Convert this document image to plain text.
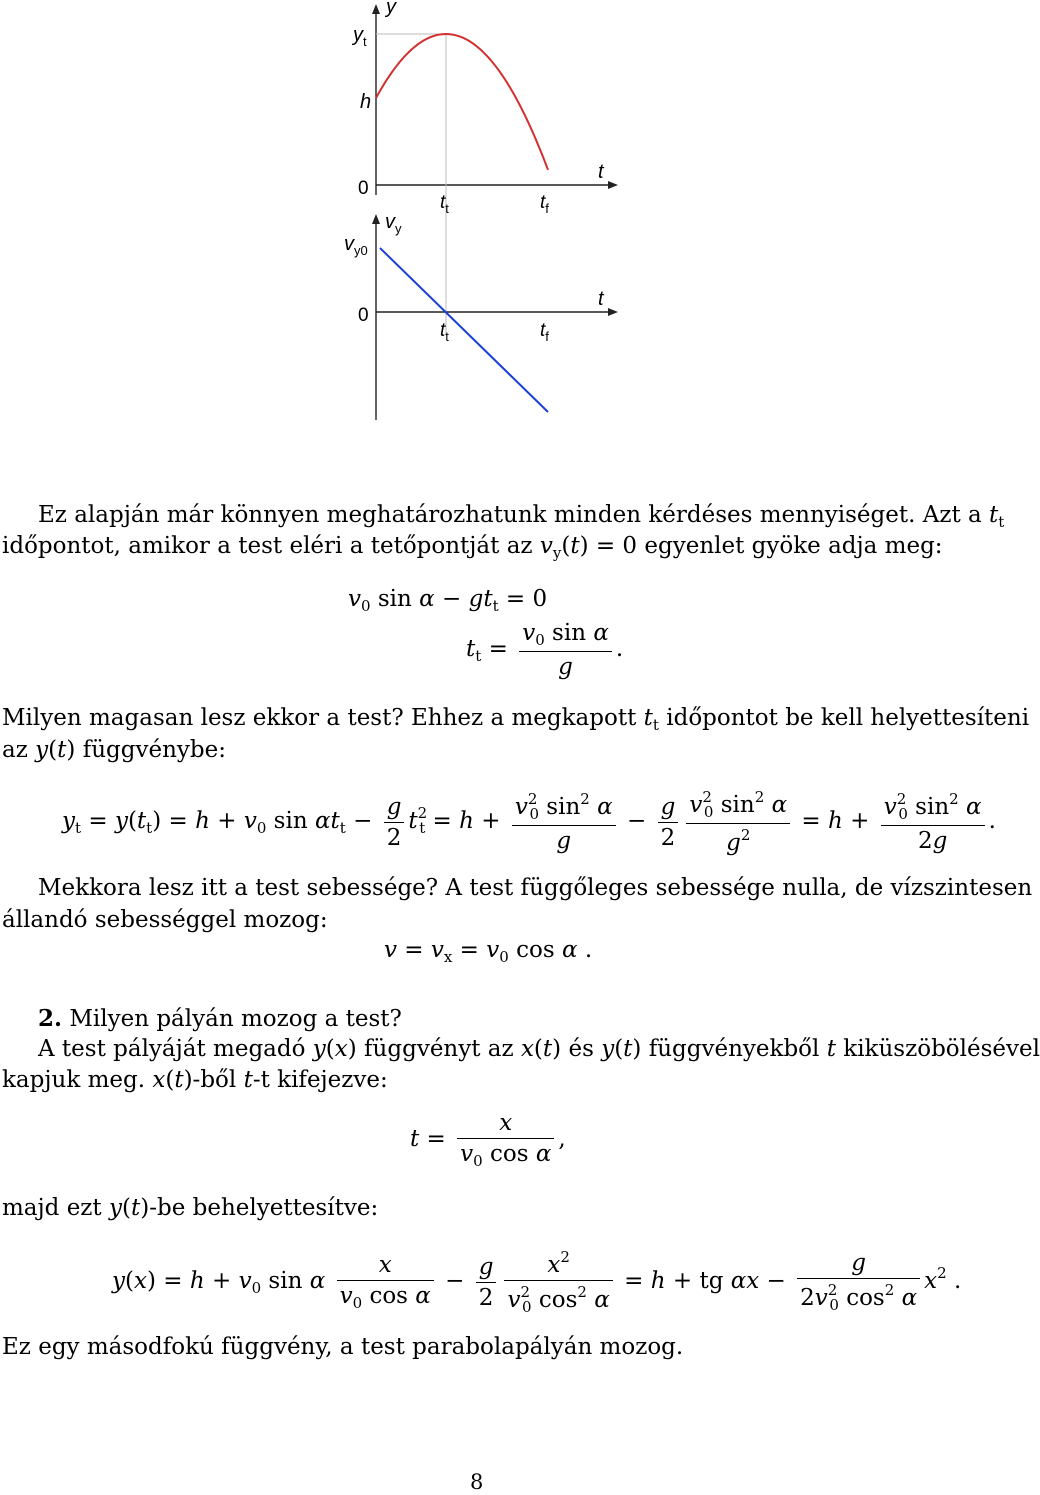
y
$y_t$
h
0
t
$t_t$	$t_f$
$v_y$
$v_{y0}$
0
t
$t_t$	$t_f$
Ez alapján már könnyen meghatározhatunk minden kérdéses mennyiséget. Azt a $t_t$
időpontot, amikor a test eléri a tetőpontját az $v_y(t) = 0$ egyenlet gyöke adja meg:
$v_0$ $\sin \alpha - gt_t = 0$
$t_t = \frac{v_0 \sin \alpha}{g}$ .
Milyen magasan lesz ekkor a test? Ehhez a megkapott $t_t$ időpontot be kell helyettesíteni
az y(t) függvénybe:
$y_t = y(t_t) = h + v_0$ $\sin \alpha t_t - \frac{g}{2} t^2_t = h + \frac{v^2_0 \sin^2 \alpha}{g} - \frac{g}{2} \frac{v^2_0 \sin^2 \alpha}{g^2} = h + \frac{v^2_0 \sin^2 \alpha}{2g}$ .
Mekkora lesz itt a test sebessége? A test függőleges sebessége nulla, de vízszintesen
állandó sebességgel mozog:
$v = v_x = v_0$ cos α .
2. Milyen pályán mozog a test?
A test pályáját megadó y(x) függvényt az x(t) és y(t) függvényekből t kiküszöbölésével
kapjuk meg. x(t)-ből t-t kifejezve:
$t = \frac{x}{v_0 \cos \alpha}$ ,
majd ezt y(t)-be behelyettesítve:
$y(x) = h + v_0$ sin α $\frac{x}{v_0 \cos \alpha} - \frac{g}{2} \frac{x^2}{v^2_0 \cos^2 \alpha} = h$ + tg $\alpha x - \frac{g}{2v^2_0 \cos^2 \alpha} x^2$ .
Ez egy másodfokú függvény, a test parabolapályán mozog.
8
